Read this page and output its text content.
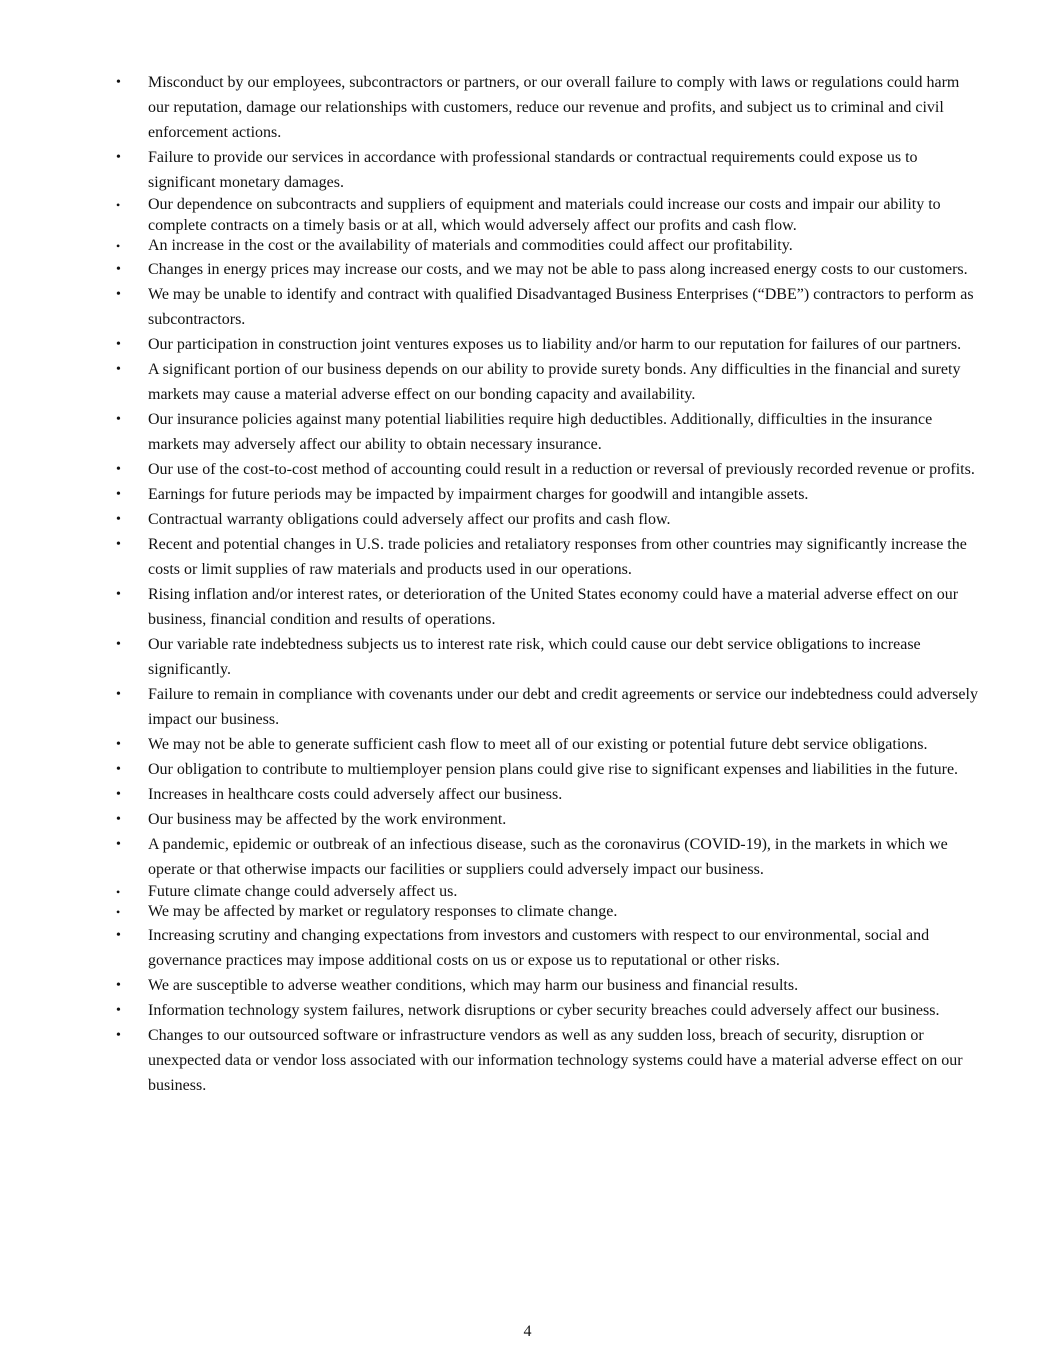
• Misconduct by our employees, subcontractors or partners, or our overall failure to comply with laws or regulations could harm our reputation, damage our relationships with customers, reduce our revenue and profits, and subject us to criminal and civil enforcement actions.
• Failure to provide our services in accordance with professional standards or contractual requirements could expose us to significant monetary damages.
• Our dependence on subcontracts and suppliers of equipment and materials could increase our costs and impair our ability to complete contracts on a timely basis or at all, which would adversely affect our profits and cash flow.
• An increase in the cost or the availability of materials and commodities could affect our profitability.
• Changes in energy prices may increase our costs, and we may not be able to pass along increased energy costs to our customers.
• We may be unable to identify and contract with qualified Disadvantaged Business Enterprises (“DBE”) contractors to perform as subcontractors.
• Our participation in construction joint ventures exposes us to liability and/or harm to our reputation for failures of our partners.
• A significant portion of our business depends on our ability to provide surety bonds. Any difficulties in the financial and surety markets may cause a material adverse effect on our bonding capacity and availability.
• Our insurance policies against many potential liabilities require high deductibles. Additionally, difficulties in the insurance markets may adversely affect our ability to obtain necessary insurance.
• Our use of the cost-to-cost method of accounting could result in a reduction or reversal of previously recorded revenue or profits.
• Earnings for future periods may be impacted by impairment charges for goodwill and intangible assets.
• Contractual warranty obligations could adversely affect our profits and cash flow.
• Recent and potential changes in U.S. trade policies and retaliatory responses from other countries may significantly increase the costs or limit supplies of raw materials and products used in our operations.
• Rising inflation and/or interest rates, or deterioration of the United States economy could have a material adverse effect on our business, financial condition and results of operations.
• Our variable rate indebtedness subjects us to interest rate risk, which could cause our debt service obligations to increase significantly.
• Failure to remain in compliance with covenants under our debt and credit agreements or service our indebtedness could adversely impact our business.
• We may not be able to generate sufficient cash flow to meet all of our existing or potential future debt service obligations.
• Our obligation to contribute to multiemployer pension plans could give rise to significant expenses and liabilities in the future.
• Increases in healthcare costs could adversely affect our business.
• Our business may be affected by the work environment.
• A pandemic, epidemic or outbreak of an infectious disease, such as the coronavirus (COVID-19), in the markets in which we operate or that otherwise impacts our facilities or suppliers could adversely impact our business.
• Future climate change could adversely affect us.
• We may be affected by market or regulatory responses to climate change.
• Increasing scrutiny and changing expectations from investors and customers with respect to our environmental, social and governance practices may impose additional costs on us or expose us to reputational or other risks.
• We are susceptible to adverse weather conditions, which may harm our business and financial results.
• Information technology system failures, network disruptions or cyber security breaches could adversely affect our business.
• Changes to our outsourced software or infrastructure vendors as well as any sudden loss, breach of security, disruption or unexpected data or vendor loss associated with our information technology systems could have a material adverse effect on our business.
4
